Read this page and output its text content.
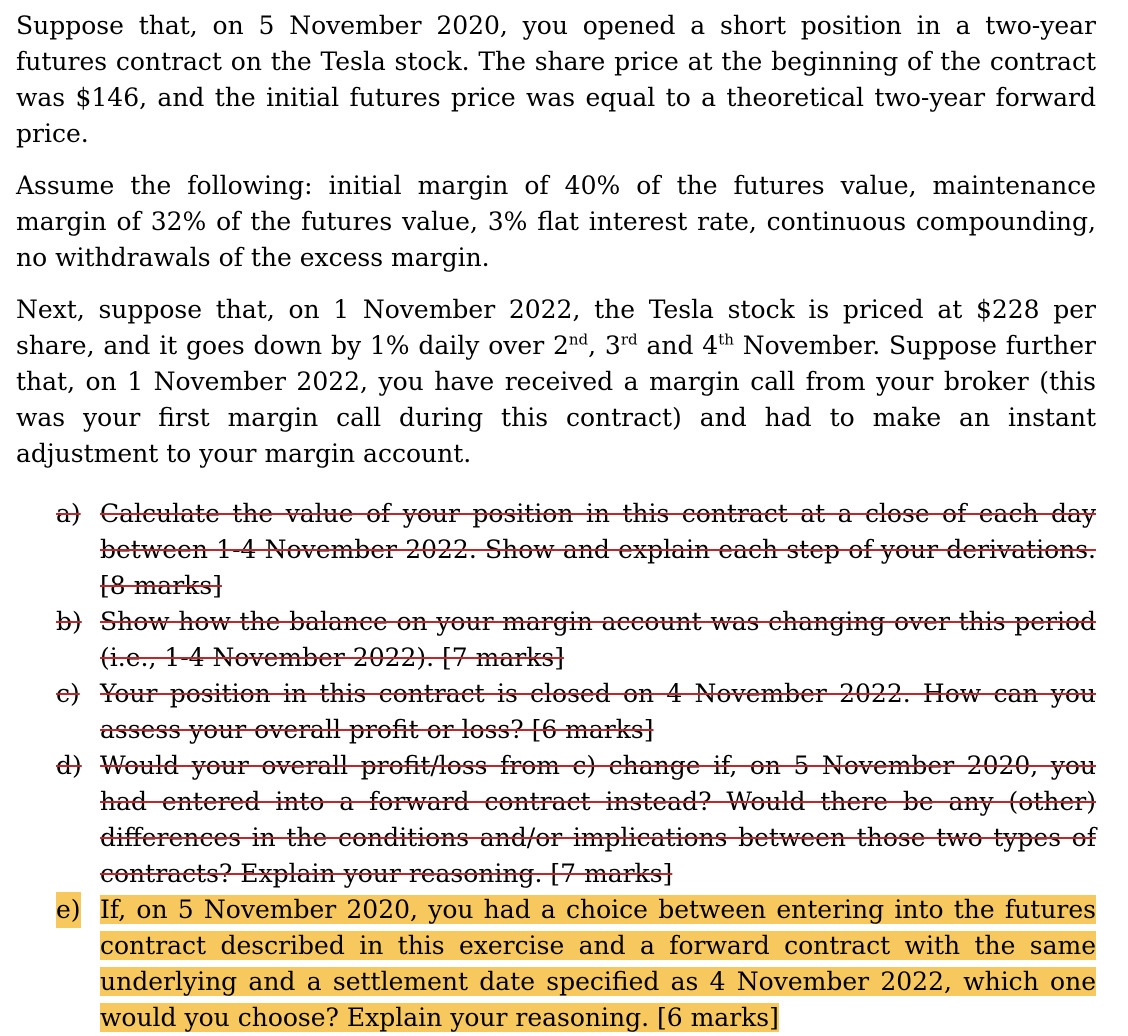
Suppose that, on 5 November 2020, you opened a short position in a two-year futures contract on the Tesla stock. The share price at the beginning of the contract was $146, and the initial futures price was equal to a theoretical two-year forward price.

Assume the following: initial margin of 40% of the futures value, maintenance margin of 32% of the futures value, 3% flat interest rate, continuous compounding, no withdrawals of the excess margin.

Next, suppose that, on 1 November 2022, the Tesla stock is priced at $228 per share, and it goes down by 1% daily over 2nd, 3rd and 4th November. Suppose further that, on 1 November 2022, you have received a margin call from your broker (this was your first margin call during this contract) and had to make an instant adjustment to your margin account.

a) Calculate the value of your position in this contract at a close of each day between 1-4 November 2022. Show and explain each step of your derivations. [8 marks]
b) Show how the balance on your margin account was changing over this period (i.e., 1-4 November 2022). [7 marks]
c) Your position in this contract is closed on 4 November 2022. How can you assess your overall profit or loss? [6 marks]
d) Would your overall profit/loss from c) change if, on 5 November 2020, you had entered into a forward contract instead? Would there be any (other) differences in the conditions and/or implications between those two types of contracts? Explain your reasoning. [7 marks]
e) If, on 5 November 2020, you had a choice between entering into the futures contract described in this exercise and a forward contract with the same underlying and a settlement date specified as 4 November 2022, which one would you choose? Explain your reasoning. [6 marks]
